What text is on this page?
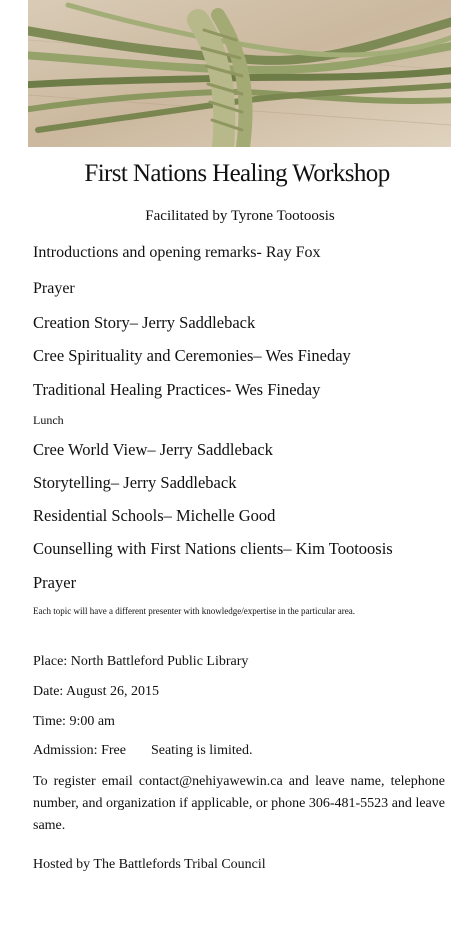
First Nations Healing Workshop
Facilitated by Tyrone Tootoosis
Introductions and opening remarks- Ray Fox
Prayer
Creation Story– Jerry Saddleback
Cree Spirituality and Ceremonies– Wes Fineday
Traditional Healing Practices- Wes Fineday
Lunch
Cree World View– Jerry Saddleback
Storytelling– Jerry Saddleback
Residential Schools– Michelle Good
Counselling with First Nations clients– Kim Tootoosis
Prayer
Each topic will have a different presenter with knowledge/expertise in the particular area.
Place: North Battleford Public Library
Date: August 26, 2015
Time: 9:00 am
Admission: Free Seating is limited.
To register email contact@nehiyawewin.ca and leave name, telephone number, and organization if applicable, or phone 306-481-5523 and leave same.
Hosted by The Battlefords Tribal Council
